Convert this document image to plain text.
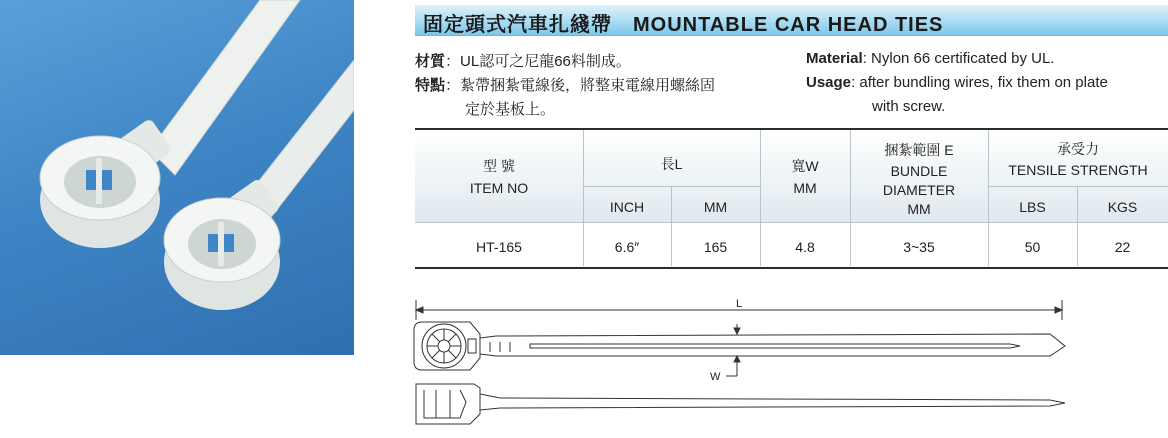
固定頭式汽車扎綫帶　MOUNTABLE CAR HEAD TIES
材質：UL認可之尼龍66料制成。
特點：紮帶捆紮電線後，將整束電線用螺絲固
定於基板上。
Material: Nylon 66 certificated by UL.
Usage: after bundling wires, fix them on plate
with screw.
型 號
ITEM NO
長L
INCH	MM
寬W
MM
捆紮範圍 E
BUNDLE
DIAMETER
MM
承受力
TENSILE STRENGTH
LBS	KGS
HT-165	6.6″	165	4.8	3~35	50	22
L
W
